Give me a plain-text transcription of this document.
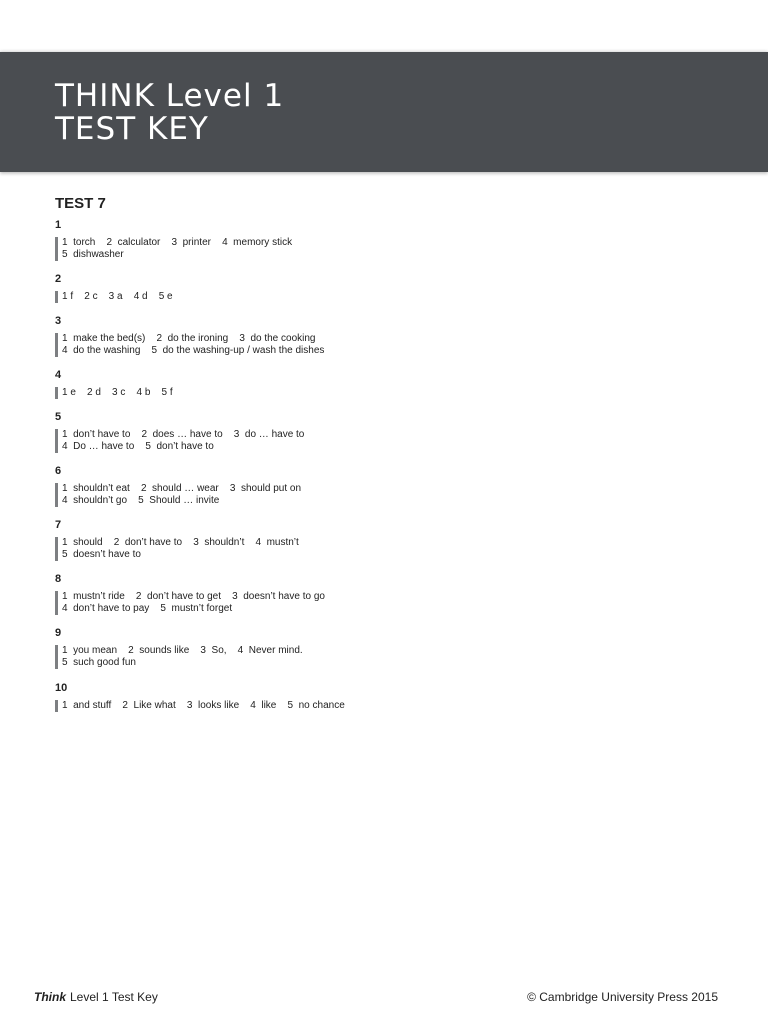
THINK Level 1
TEST KEY
TEST 7
1
1  torch    2  calculator    3  printer    4  memory stick
5  dishwasher
2
1 f    2 c    3 a    4 d    5 e
3
1  make the bed(s)    2  do the ironing    3  do the cooking
4  do the washing    5  do the washing-up / wash the dishes
4
1 e    2 d    3 c    4 b    5 f
5
1  don’t have to    2  does … have to    3  do … have to
4  Do … have to    5  don’t have to
6
1  shouldn’t eat    2  should … wear    3  should put on
4  shouldn’t go    5  Should … invite
7
1  should    2  don’t have to    3  shouldn’t    4  mustn’t
5  doesn’t have to
8
1  mustn’t ride    2  don’t have to get    3  doesn’t have to go
4  don’t have to pay    5  mustn’t forget
9
1  you mean    2  sounds like    3  So,    4  Never mind.
5  such good fun
10
1  and stuff    2  Like what    3  looks like    4  like    5  no chance
Think Level 1 Test Key	© Cambridge University Press 2015
